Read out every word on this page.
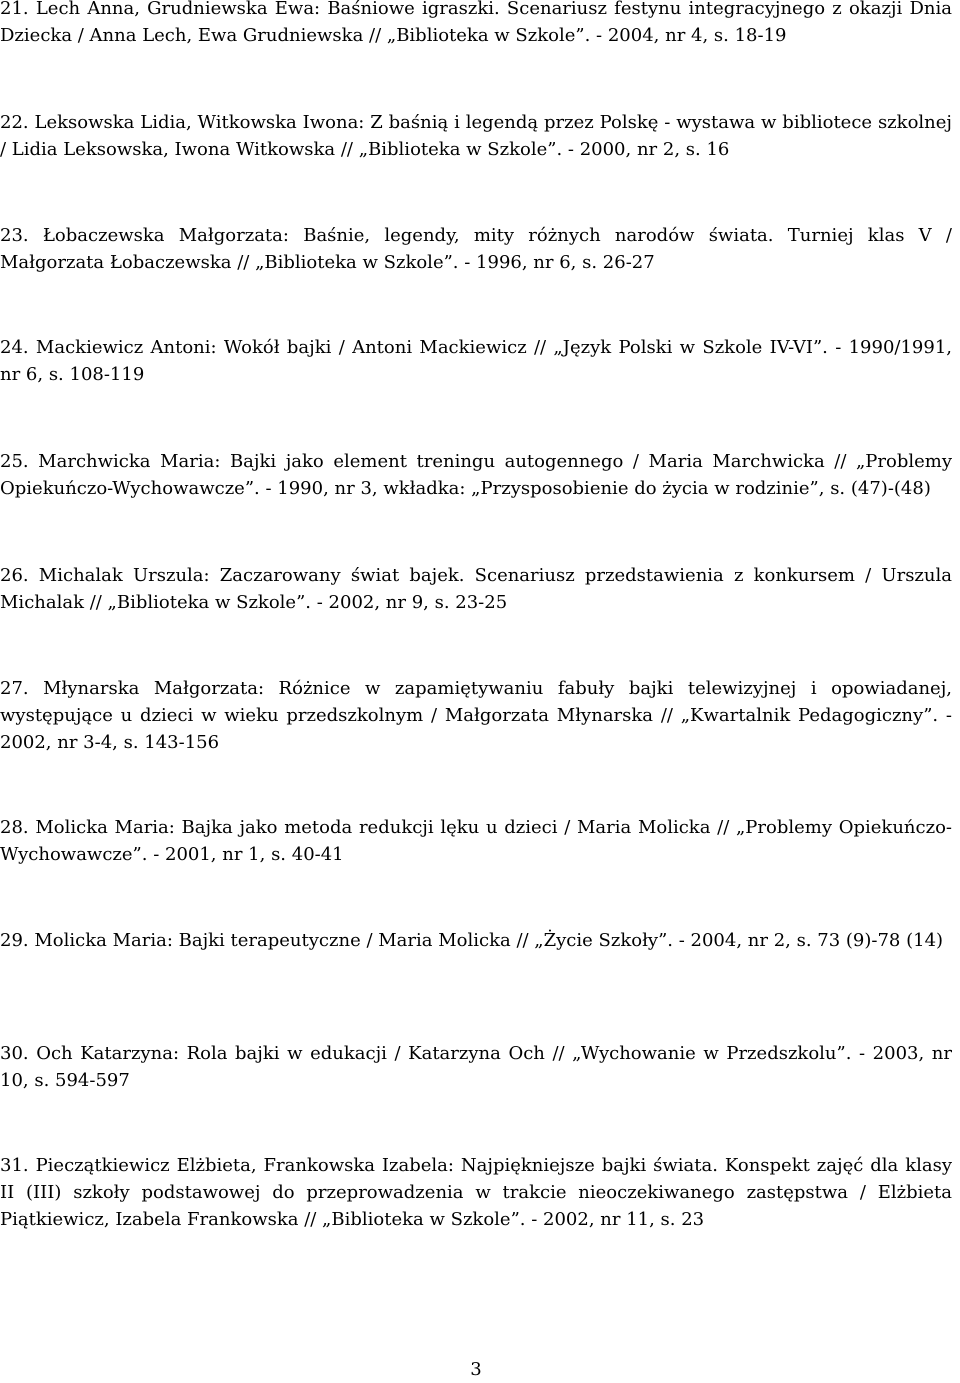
21. Lech Anna, Grudniewska Ewa: Baśniowe igraszki. Scenariusz festynu integracyjnego z okazji Dnia Dziecka / Anna Lech, Ewa Grudniewska // „Biblioteka w Szkole”. - 2004, nr 4, s. 18-19

22. Leksowska Lidia, Witkowska Iwona: Z baśnią i legendą przez Polskę - wystawa w bibliotece szkolnej / Lidia Leksowska, Iwona Witkowska // „Biblioteka w Szkole”. - 2000, nr 2, s. 16

23. Łobaczewska Małgorzata: Baśnie, legendy, mity różnych narodów świata. Turniej klas V / Małgorzata Łobaczewska // „Biblioteka w Szkole”. - 1996, nr 6, s. 26-27

24. Mackiewicz Antoni: Wokół bajki / Antoni Mackiewicz // „Język Polski w Szkole IV-VI”. - 1990/1991, nr 6, s. 108-119

25. Marchwicka Maria: Bajki jako element treningu autogennego / Maria Marchwicka // „Problemy Opiekuńczo-Wychowawcze”. - 1990, nr 3, wkładka: „Przysposobienie do życia w rodzinie”, s. (47)-(48)

26. Michalak Urszula: Zaczarowany świat bajek. Scenariusz przedstawienia z konkursem / Urszula Michalak // „Biblioteka w Szkole”. - 2002, nr 9, s. 23-25

27. Młynarska Małgorzata: Różnice w zapamiętywaniu fabuły bajki telewizyjnej i opowiadanej, występujące u dzieci w wieku przedszkolnym / Małgorzata Młynarska // „Kwartalnik Pedagogiczny”. - 2002, nr 3-4, s. 143-156

28. Molicka Maria: Bajka jako metoda redukcji lęku u dzieci / Maria Molicka // „Problemy Opiekuńczo-Wychowawcze”. - 2001, nr 1, s. 40-41

29. Molicka Maria: Bajki terapeutyczne / Maria Molicka // „Życie Szkoły”. - 2004, nr 2, s. 73 (9)-78 (14)

30. Och Katarzyna: Rola bajki w edukacji / Katarzyna Och // „Wychowanie w Przedszkolu”. - 2003, nr 10, s. 594-597

31. Pieczątkiewicz Elżbieta, Frankowska Izabela: Najpiękniejsze bajki świata. Konspekt zajęć dla klasy II (III) szkoły podstawowej do przeprowadzenia w trakcie nieoczekiwanego zastępstwa / Elżbieta Piątkiewicz, Izabela Frankowska // „Biblioteka w Szkole”. - 2002, nr 11, s. 23

3
